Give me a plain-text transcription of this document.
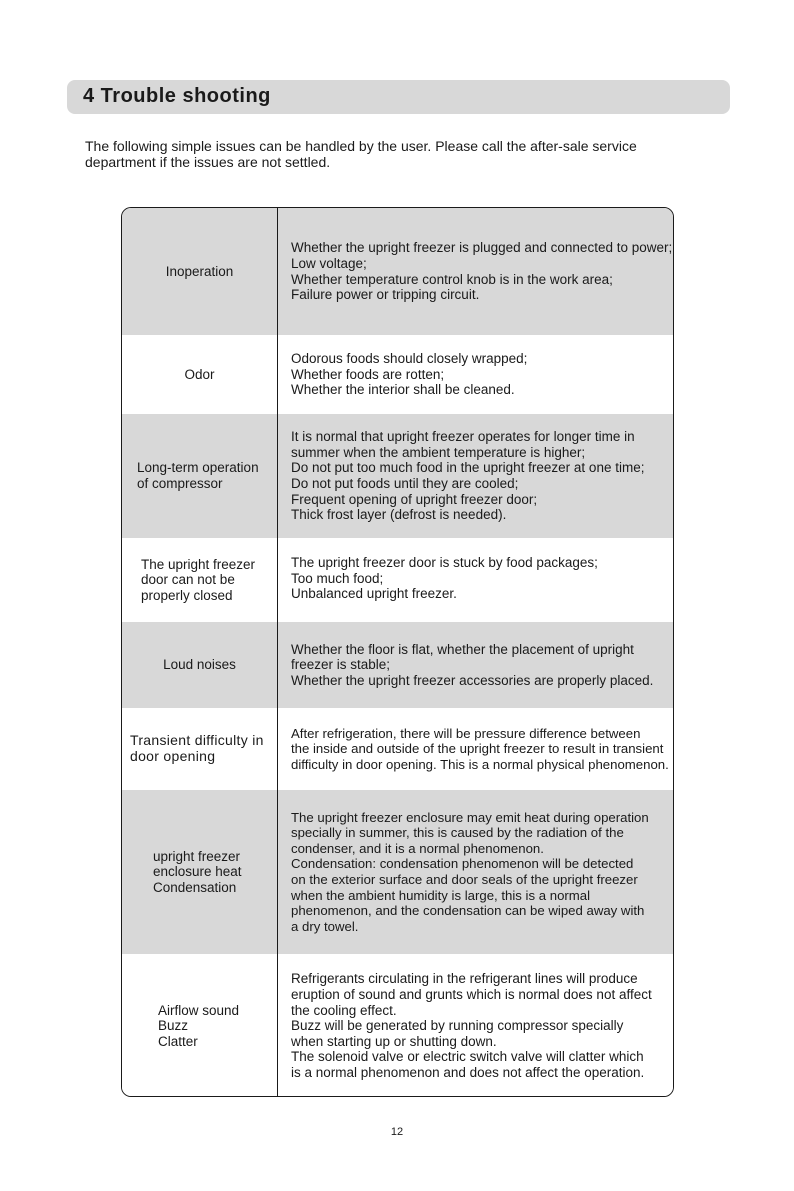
4 Trouble shooting
The following simple issues can be handled by the user. Please call the after-sale service
department if the issues are not settled.
Inoperation
Whether the upright freezer is plugged and connected to power;
Low voltage;
Whether temperature control knob is in the work area;
Failure power or tripping circuit.
Odor
Odorous foods should closely wrapped;
Whether foods are rotten;
Whether the interior shall be cleaned.
Long-term operation
of compressor
It is normal that upright freezer operates for longer time in
summer when the ambient temperature is higher;
Do not put too much food in the upright freezer at one time;
Do not put foods until they are cooled;
Frequent opening of upright freezer door;
Thick frost layer (defrost is needed).
The upright freezer
door can not be
properly closed
The upright freezer door is stuck by food packages;
Too much food;
Unbalanced upright freezer.
Loud noises
Whether the floor is flat, whether the placement of upright
freezer is stable;
Whether the upright freezer accessories are properly placed.
Transient difficulty in
door opening
After refrigeration, there will be pressure difference between
the inside and outside of the upright freezer to result in transient
difficulty in door opening. This is a normal physical phenomenon.
upright freezer
enclosure heat
Condensation
The upright freezer enclosure may emit heat during operation
specially in summer, this is caused by the radiation of the
condenser, and it is a normal phenomenon.
Condensation: condensation phenomenon will be detected
on the exterior surface and door seals of the upright freezer
when the ambient humidity is large, this is a normal
phenomenon, and the condensation can be wiped away with
a dry towel.
Airflow sound
Buzz
Clatter
Refrigerants circulating in the refrigerant lines will produce
eruption of sound and grunts which is normal does not affect
the cooling effect.
Buzz will be generated by running compressor specially
when starting up or shutting down.
The solenoid valve or electric switch valve will clatter which
is a normal phenomenon and does not affect the operation.
12
